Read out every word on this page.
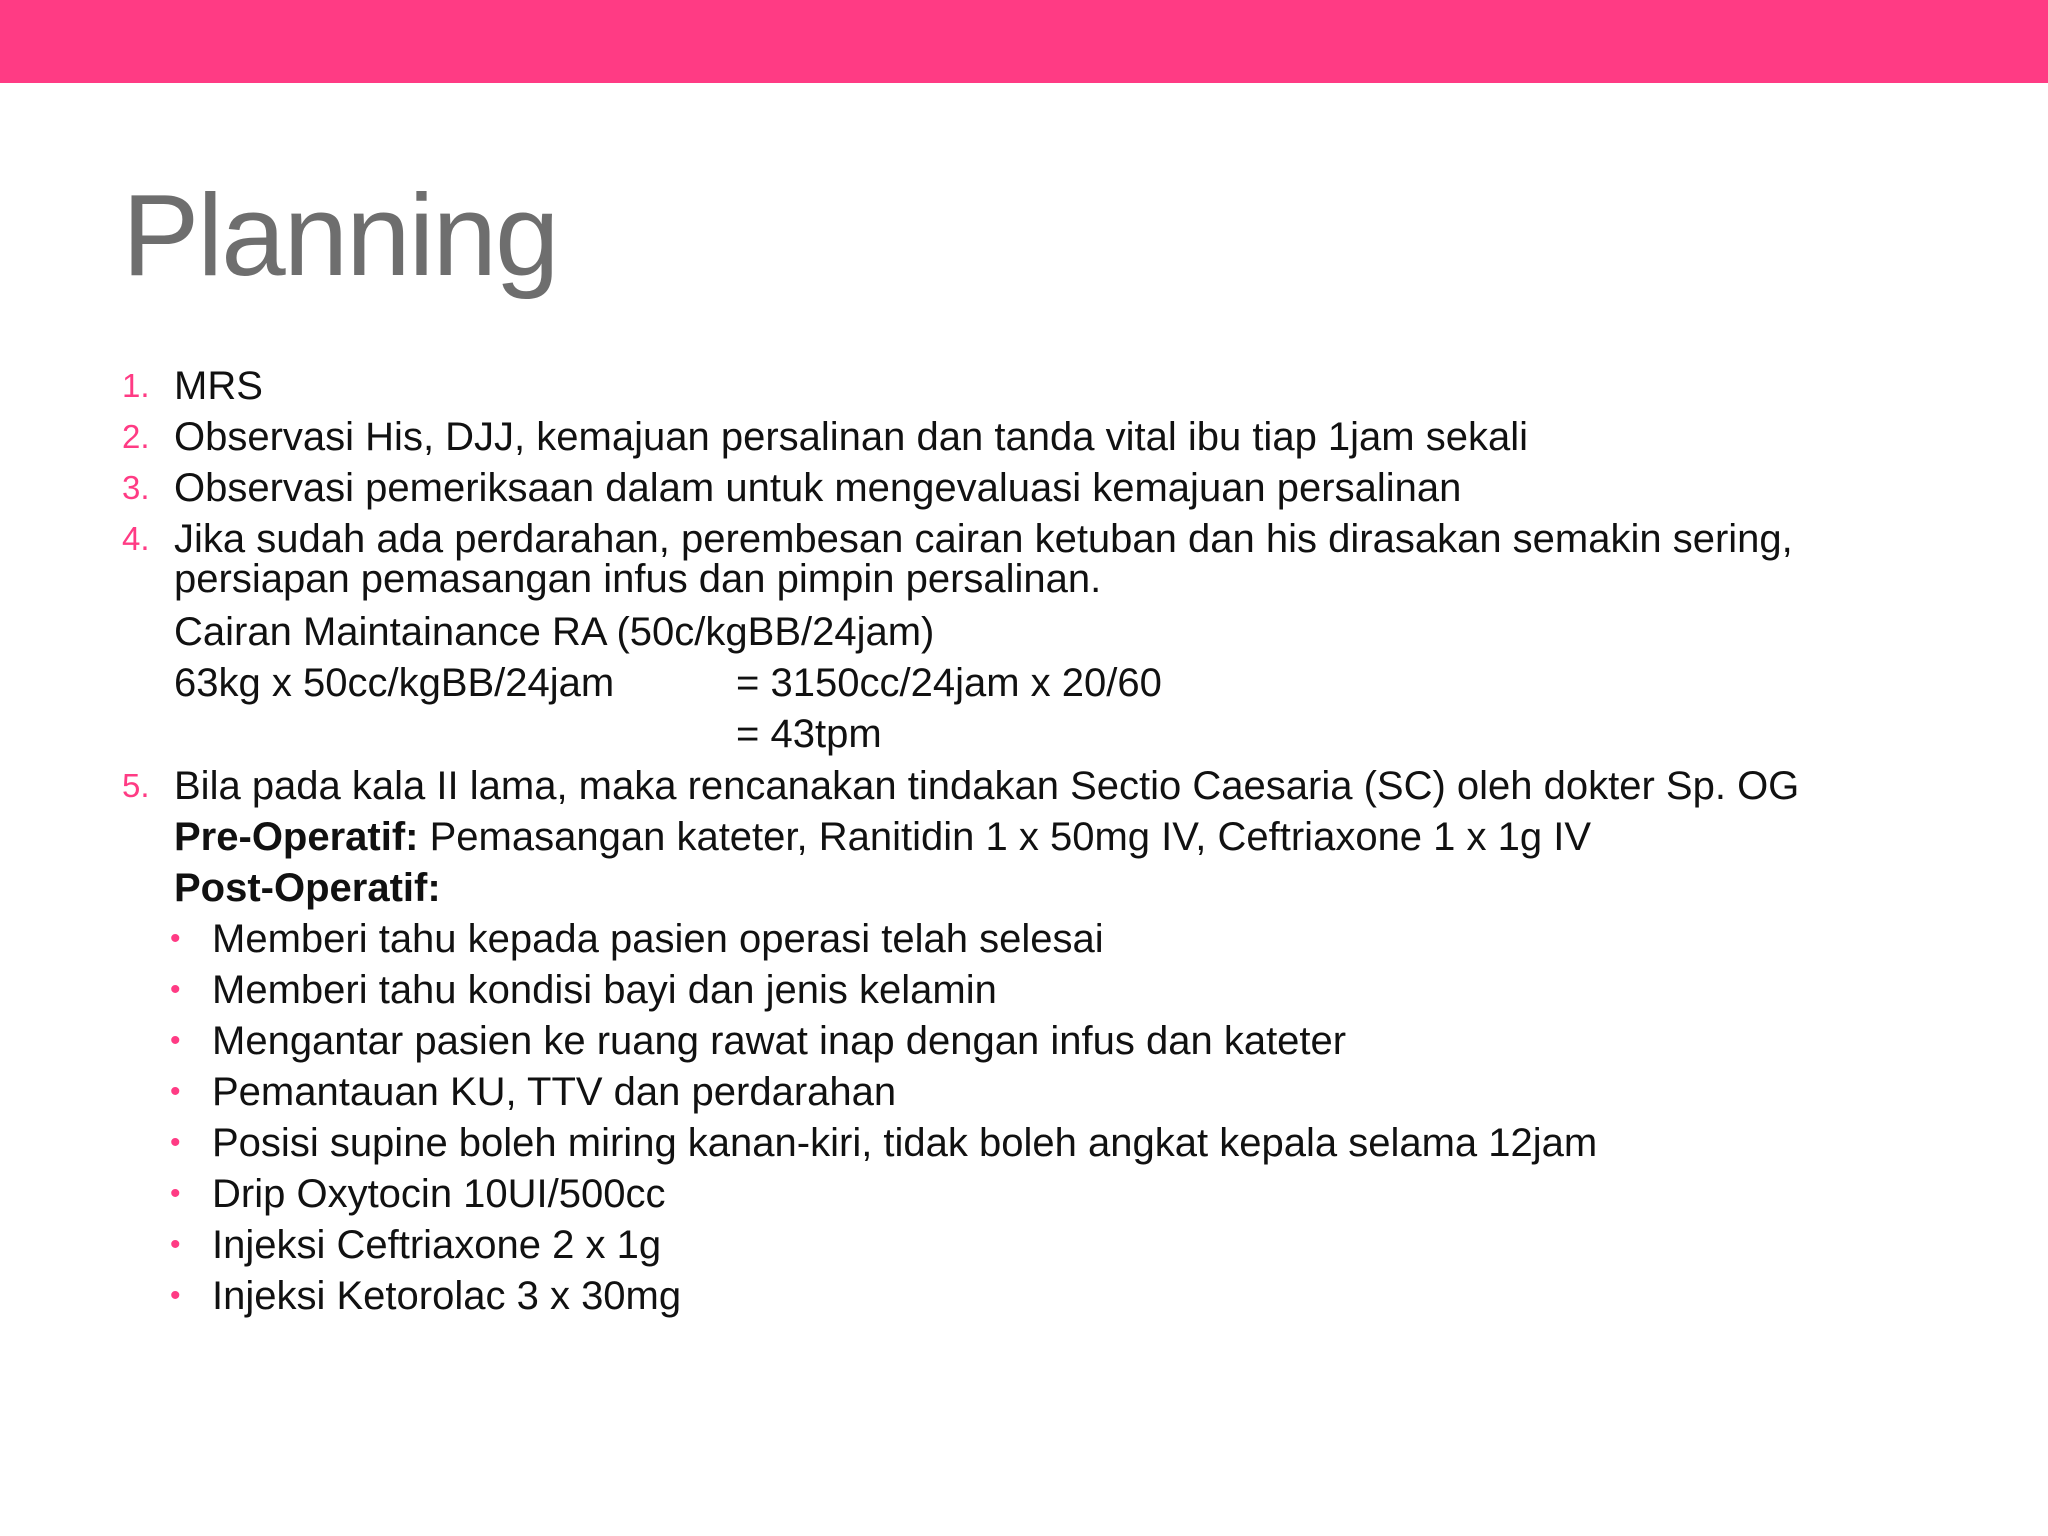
Planning
1. MRS
2. Observasi His, DJJ, kemajuan persalinan dan tanda vital ibu tiap 1jam sekali
3. Observasi pemeriksaan dalam untuk mengevaluasi kemajuan persalinan
4. Jika sudah ada perdarahan, perembesan cairan ketuban dan his dirasakan semakin sering,
persiapan pemasangan infus dan pimpin persalinan.
Cairan Maintainance RA (50c/kgBB/24jam)
63kg x 50cc/kgBB/24jam	= 3150cc/24jam x 20/60
= 43tpm
5. Bila pada kala II lama, maka rencanakan tindakan Sectio Caesaria (SC) oleh dokter Sp. OG
Pre-Operatif: Pemasangan kateter, Ranitidin 1 x 50mg IV, Ceftriaxone 1 x 1g IV
Post-Operatif:
• Memberi tahu kepada pasien operasi telah selesai
• Memberi tahu kondisi bayi dan jenis kelamin
• Mengantar pasien ke ruang rawat inap dengan infus dan kateter
• Pemantauan KU, TTV dan perdarahan
• Posisi supine boleh miring kanan-kiri, tidak boleh angkat kepala selama 12jam
• Drip Oxytocin 10UI/500cc
• Injeksi Ceftriaxone 2 x 1g
• Injeksi Ketorolac 3 x 30mg
